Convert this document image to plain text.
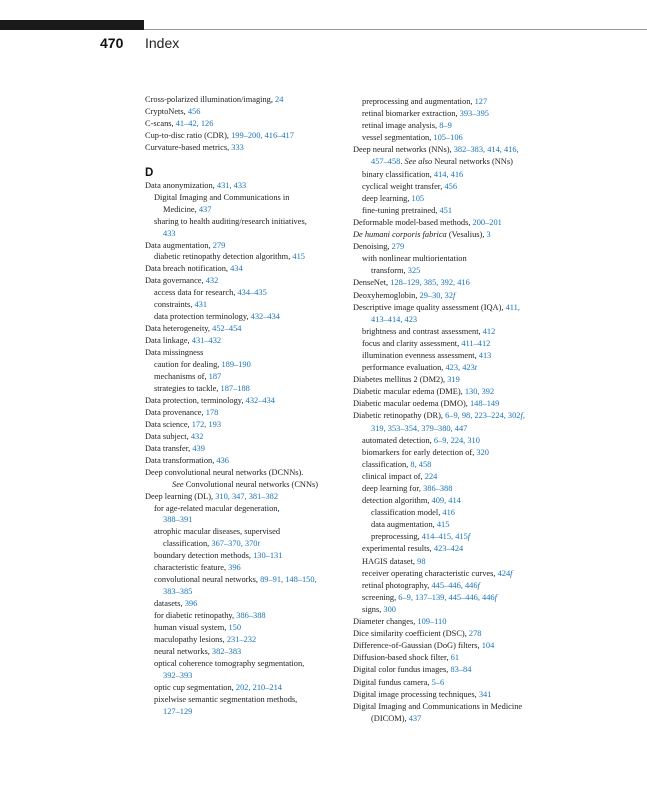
470 Index
Cross-polarized illumination/imaging, 24
CryptoNets, 456
C-scans, 41–42, 126
Cup-to-disc ratio (CDR), 199–200, 416–417
Curvature-based metrics, 333
D
Data anonymization, 431, 433
Digital Imaging and Communications in
Medicine, 437
sharing to health auditing/research initiatives,
433
Data augmentation, 279
diabetic retinopathy detection algorithm, 415
Data breach notification, 434
Data governance, 432
access data for research, 434–435
constraints, 431
data protection terminology, 432–434
Data heterogeneity, 452–454
Data linkage, 431–432
Data missingness
caution for dealing, 189–190
mechanisms of, 187
strategies to tackle, 187–188
Data protection, terminology, 432–434
Data provenance, 178
Data science, 172, 193
Data subject, 432
Data transfer, 439
Data transformation, 436
Deep convolutional neural networks (DCNNs).
See Convolutional neural networks (CNNs)
Deep learning (DL), 310, 347, 381–382
for age-related macular degeneration,
388–391
atrophic macular diseases, supervised
classification, 367–370, 370t
boundary detection methods, 130–131
characteristic feature, 396
convolutional neural networks, 89–91, 148–150,
383–385
datasets, 396
for diabetic retinopathy, 386–388
human visual system, 150
maculopathy lesions, 231–232
neural networks, 382–383
optical coherence tomography segmentation,
392–393
optic cup segmentation, 202, 210–214
pixelwise semantic segmentation methods,
127–129
preprocessing and augmentation, 127
retinal biomarker extraction, 393–395
retinal image analysis, 8–9
vessel segmentation, 105–106
Deep neural networks (NNs), 382–383, 414, 416,
457–458. See also Neural networks (NNs)
binary classification, 414, 416
cyclical weight transfer, 456
deep learning, 105
fine-tuning pretrained, 451
Deformable model-based methods, 200–201
De humani corporis fabrica (Vesalius), 3
Denoising, 279
with nonlinear multiorientation
transform, 325
DenseNet, 128–129, 385, 392, 416
Deoxyhemoglobin, 29–30, 32f
Descriptive image quality assessment (IQA), 411,
413–414, 423
brightness and contrast assessment, 412
focus and clarity assessment, 411–412
illumination evenness assessment, 413
performance evaluation, 423, 423t
Diabetes mellitus 2 (DM2), 319
Diabetic macular edema (DME), 130, 392
Diabetic macular oedema (DMO), 148–149
Diabetic retinopathy (DR), 6–9, 98, 223–224, 302f,
319, 353–354, 379–380, 447
automated detection, 6–9, 224, 310
biomarkers for early detection of, 320
classification, 8, 458
clinical impact of, 224
deep learning for, 386–388
detection algorithm, 409, 414
classification model, 416
data augmentation, 415
preprocessing, 414–415, 415f
experimental results, 423–424
HAGIS dataset, 98
receiver operating characteristic curves, 424f
retinal photography, 445–446, 446f
screening, 6–9, 137–139, 445–446, 446f
signs, 300
Diameter changes, 109–110
Dice similarity coefficient (DSC), 278
Difference-of-Gaussian (DoG) filters, 104
Diffusion-based shock filter, 61
Digital color fundus images, 83–84
Digital fundus camera, 5–6
Digital image processing techniques, 341
Digital Imaging and Communications in Medicine
(DICOM), 437
